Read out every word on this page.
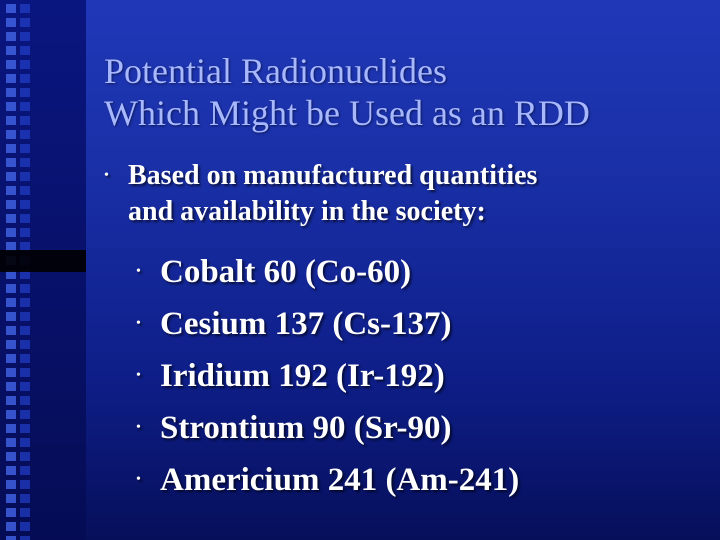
Potential Radionuclides
Which Might be Used as an RDD
• Based on manufactured quantities
and availability in the society:
• Cobalt 60 (Co-60)
• Cesium 137 (Cs-137)
• Iridium 192 (Ir-192)
• Strontium 90 (Sr-90)
• Americium 241 (Am-241)
